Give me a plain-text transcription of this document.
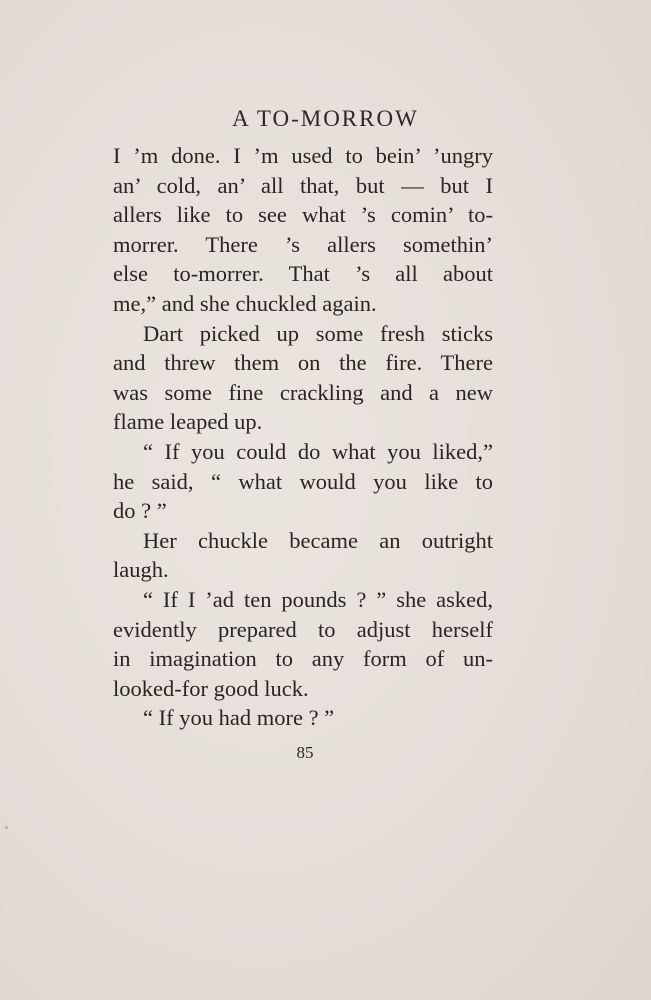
A TO-MORROW
I ’m done. I ’m used to bein’ ’ungry
an’ cold, an’ all that, but — but I
allers like to see what ’s comin’ to-
morrer. There ’s allers somethin’
else to-morrer. That ’s all about
me,” and she chuckled again.
Dart picked up some fresh sticks
and threw them on the fire. There
was some fine crackling and a new
flame leaped up.
“ If you could do what you liked,”
he said, “ what would you like to
do ? ”
Her chuckle became an outright
laugh.
“ If I ’ad ten pounds ? ” she asked,
evidently prepared to adjust herself
in imagination to any form of un-
looked-for good luck.
“ If you had more ? ”
85
